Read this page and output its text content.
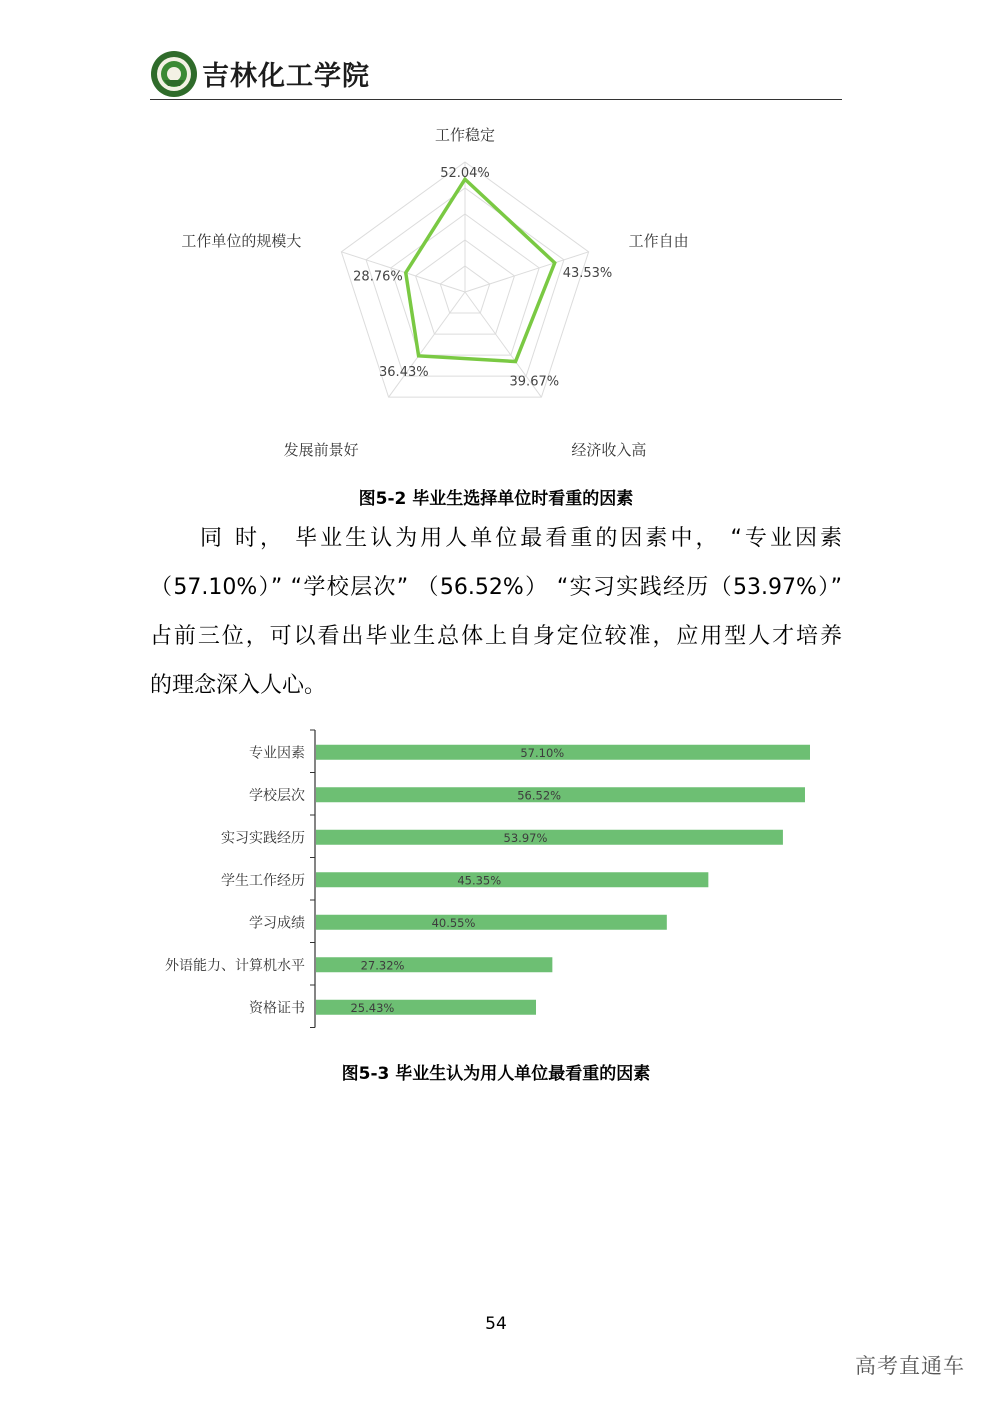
吉林化工学院
工作稳定
52.04%
工作自由
43.53%
经济收入高
39.67%
发展前景好
36.43%
工作单位的规模大
28.76%
图5-2 毕业生选择单位时看重的因素
同 时， 毕业生认为用人单位最看重的因素中， “专业因素
（57.10%）” “学校层次” （56.52%） “实习实践经历（53.97%）”
占前三位，可以看出毕业生总体上自身定位较准，应用型人才培养
的理念深入人心。
专业因素	57.10%
学校层次	56.52%
实习实践经历	53.97%
学生工作经历	45.35%
学习成绩	40.55%
外语能力、计算机水平	27.32%
资格证书	25.43%
图5-3 毕业生认为用人单位最看重的因素
54
高考直通车
